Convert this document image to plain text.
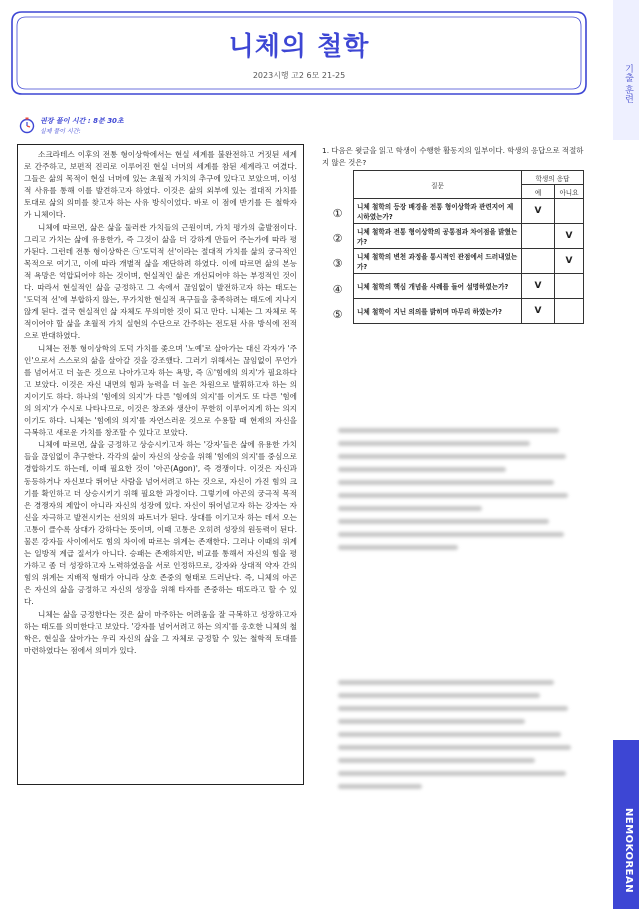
니체의 철학
2023시행 고2 6모 21-25	기출 훈련
NEMOKOREAN
권장 풀이 시간 : 8분 30초
실제 풀이 시간:

소크라테스 이후의 전통 형이상학에서는 현실 세계를 불완전하고 거짓된 세계로 간주하고, 보편적 진리로 이루어진 현실 너머의 세계를 참된 세계라고 여겼다. 그들은 삶의 목적이 현실 너머에 있는 초월적 가치의 추구에 있다고 보았으며, 이성적 사유를 통해 이를 발견하고자 하였다. 이것은 삶의 외부에 있는 절대적 가치를 토대로 삶의 의미를 찾고자 하는 사유 방식이었다. 바로 이 점에 반기를 든 철학자가 니체이다.

니체에 따르면, 삶은 삶을 둘러싼 가치들의 근원이며, 가치 평가의 출발점이다. 그리고 가치는 삶에 유용한가, 즉 그것이 삶을 더 강하게 만들어 주는가에 따라 평가된다. 그런데 전통 형이상학은 ㉠'도덕적 선'이라는 절대적 가치를 삶의 궁극적인 목적으로 여기고, 이에 따라 개별적 삶을 재단하려 하였다. 이에 따르면 삶의 본능적 욕망은 억압되어야 하는 것이며, 현실적인 삶은 개선되어야 하는 부정적인 것이다. 따라서 현실적인 삶을 긍정하고 그 속에서 끊임없이 발전하고자 하는 태도는 '도덕적 선'에 부합하지 않는, 무가치한 현실적 욕구들을 충족하려는 태도에 지나지 않게 된다. 결국 현실적인 삶 자체도 무의미한 것이 되고 만다. 니체는 그 자체로 목적이어야 할 삶을 초월적 가치 실현의 수단으로 간주하는 전도된 사유 방식에 전적으로 반대하였다.

니체는 전통 형이상학의 도덕 가치를 좇으며 '노예'로 살아가는 대신 각자가 '주인'으로서 스스로의 삶을 살아갈 것을 강조했다. 그러기 위해서는 끊임없이 무언가를 넘어서고 더 높은 것으로 나아가고자 하는 욕망, 즉 Ⓐ'힘에의 의지'가 필요하다고 보았다. 이것은 자신 내면의 힘과 능력을 더 높은 차원으로 발휘하고자 하는 의지이기도 하다. 하나의 '힘에의 의지'가 다른 '힘에의 의지'를 이겨도 또 다른 '힘에의 의지'가 수시로 나타나므로, 이것은 창조와 생산이 무한히 이루어지게 하는 의지이기도 하다. 니체는 '힘에의 의지'를 자연스러운 것으로 수용할 때 현재의 자신을 극복하고 새로운 가치를 창조할 수 있다고 보았다.

니체에 따르면, 삶을 긍정하고 상승시키고자 하는 '강자'들은 삶에 유용한 가치들을 끊임없이 추구한다. 각각의 삶이 자신의 상승을 위해 '힘에의 의지'를 중심으로 경합하기도 하는데, 이때 필요한 것이 '아곤(Agon)', 즉 경쟁이다. 이것은 자신과 동등하거나 자신보다 뛰어난 사람을 넘어서려고 하는 것으로, 자신이 가진 힘의 크기를 확인하고 더 상승시키기 위해 필요한 과정이다. 그렇기에 아곤의 궁극적 목적은 경쟁자의 제압이 아니라 자신의 성장에 있다. 자신이 뛰어넘고자 하는 강자는 자신을 자극하고 발전시키는 선의의 파트너가 된다. 상대를 이기고자 하는 데서 오는 고통이 클수록 상대가 강하다는 뜻이며, 이때 고통은 오히려 성장의 원동력이 된다. 물론 강자들 사이에서도 힘의 차이에 따르는 위계는 존재한다. 그러나 이때의 위계는 일방적 계급 질서가 아니다. 승패는 존재하지만, 비교를 통해서 자신의 힘을 평가하고 좀 더 성장하고자 노력하였음을 서로 인정하므로, 강자와 상대적 약자 간의 힘의 위계는 지배적 형태가 아니라 상호 존중의 형태로 드러난다. 즉, 니체의 아곤은 자신의 삶을 긍정하고 자신의 성장을 위해 타자를 존중하는 태도라고 할 수 있다.

니체는 삶을 긍정한다는 것은 삶이 마주하는 어려움을 잘 극복하고 성장하고자 하는 태도를 의미한다고 보았다. '강자를 넘어서려고 하는 의지'를 옹호한 니체의 철학은, 현실을 살아가는 우리 자신의 삶을 그 자체로 긍정할 수 있는 철학적 토대를 마련하였다는 점에서 의미가 있다.

1. 다음은 윗글을 읽고 학생이 수행한 활동지의 일부이다. 학생의 응답으로 적절하지 않은 것은?
질문	학생의 응답	
	예	아니요
니체 철학의 등장 배경을 전통 형이상학과 관련지어 제시하였는가?	V	
니체 철학과 전통 형이상학의 공통점과 차이점을 밝혔는가?		V
니체 철학의 변천 과정을 통시적인 관점에서 드러내었는가?		V
니체 철학의 핵심 개념을 사례를 들어 설명하였는가?	V	
니체 철학이 지닌 의의를 밝히며 마무리 하였는가?	V	
①
②
③
④
⑤
